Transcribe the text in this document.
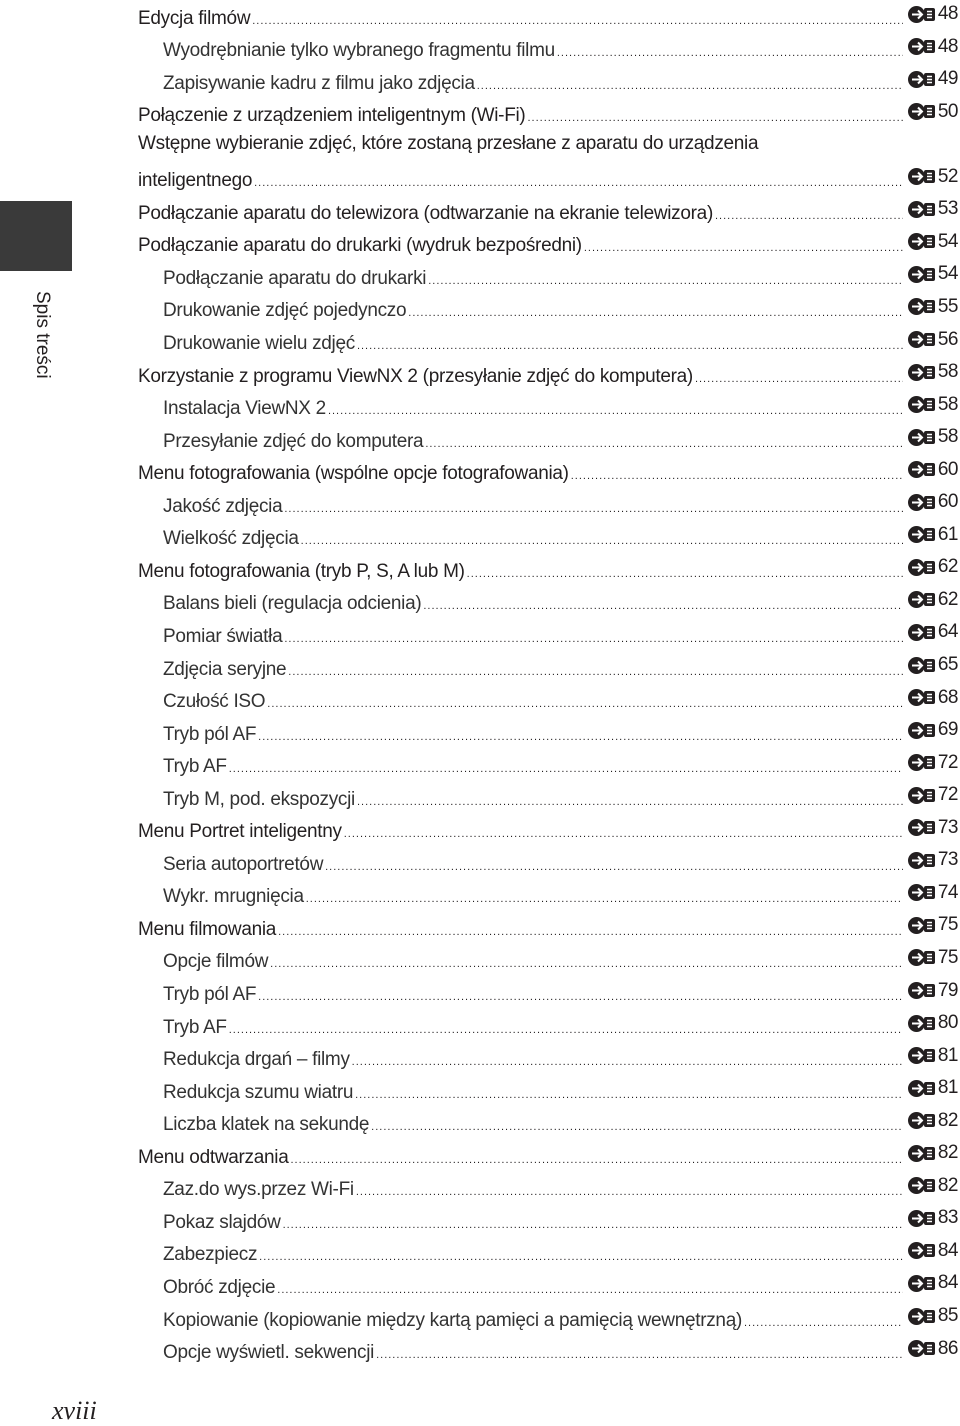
Spis treści
Edycja filmów .....	48
Wyodrębnianie tylko wybranego fragmentu filmu .....	48
Zapisywanie kadru z filmu jako zdjęcia .....	49
Połączenie z urządzeniem inteligentnym (Wi-Fi) .....	50
Wstępne wybieranie zdjęć, które zostaną przesłane z aparatu do urządzenia
inteligentnego .....	52
Podłączanie aparatu do telewizora (odtwarzanie na ekranie telewizora) .....	53
Podłączanie aparatu do drukarki (wydruk bezpośredni) .....	54
Podłączanie aparatu do drukarki .....	54
Drukowanie zdjęć pojedynczo .....	55
Drukowanie wielu zdjęć .....	56
Korzystanie z programu ViewNX 2 (przesyłanie zdjęć do komputera) .....	58
Instalacja ViewNX 2 .....	58
Przesyłanie zdjęć do komputera .....	58
Menu fotografowania (wspólne opcje fotografowania) .....	60
Jakość zdjęcia .....	60
Wielkość zdjęcia .....	61
Menu fotografowania (tryb P, S, A lub M) .....	62
Balans bieli (regulacja odcienia) .....	62
Pomiar światła .....	64
Zdjęcia seryjne .....	65
Czułość ISO .....	68
Tryb pól AF .....	69
Tryb AF .....	72
Tryb M, pod. ekspozycji .....	72
Menu Portret inteligentny .....	73
Seria autoportretów .....	73
Wykr. mrugnięcia .....	74
Menu filmowania .....	75
Opcje filmów .....	75
Tryb pól AF .....	79
Tryb AF .....	80
Redukcja drgań – filmy .....	81
Redukcja szumu wiatru .....	81
Liczba klatek na sekundę .....	82
Menu odtwarzania .....	82
Zaz.do wys.przez Wi-Fi .....	82
Pokaz slajdów .....	83
Zabezpiecz .....	84
Obróć zdjęcie .....	84
Kopiowanie (kopiowanie między kartą pamięci a pamięcią wewnętrzną) .....	85
Opcje wyświetl. sekwencji .....	86
xviii
